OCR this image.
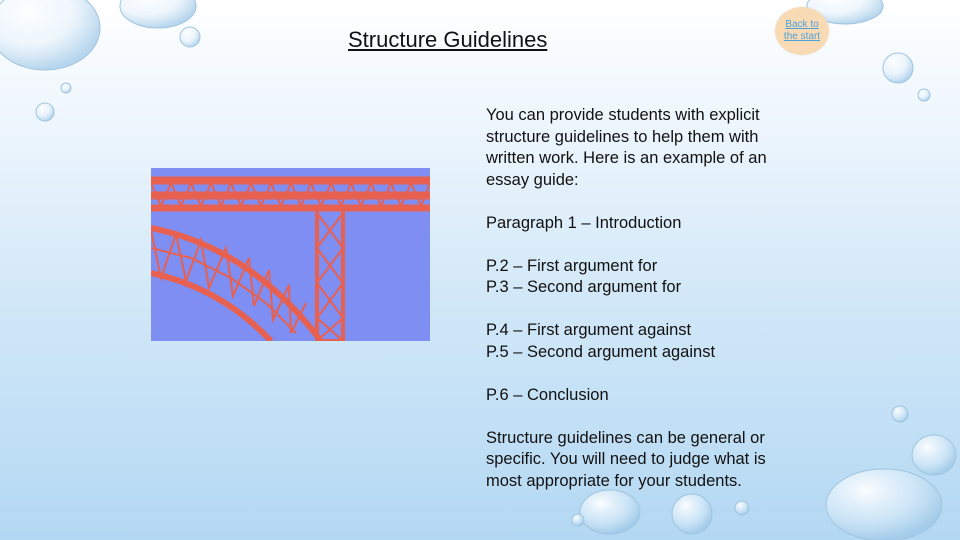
Structure Guidelines
Back to the start

You can provide students with explicit structure guidelines to help them with written work. Here is an example of an essay guide:

Paragraph 1 – Introduction

P.2 – First argument for
P.3 – Second argument for

P.4 – First argument against
P.5 – Second argument against

P.6 – Conclusion

Structure guidelines can be general or specific. You will need to judge what is most appropriate for your students.
